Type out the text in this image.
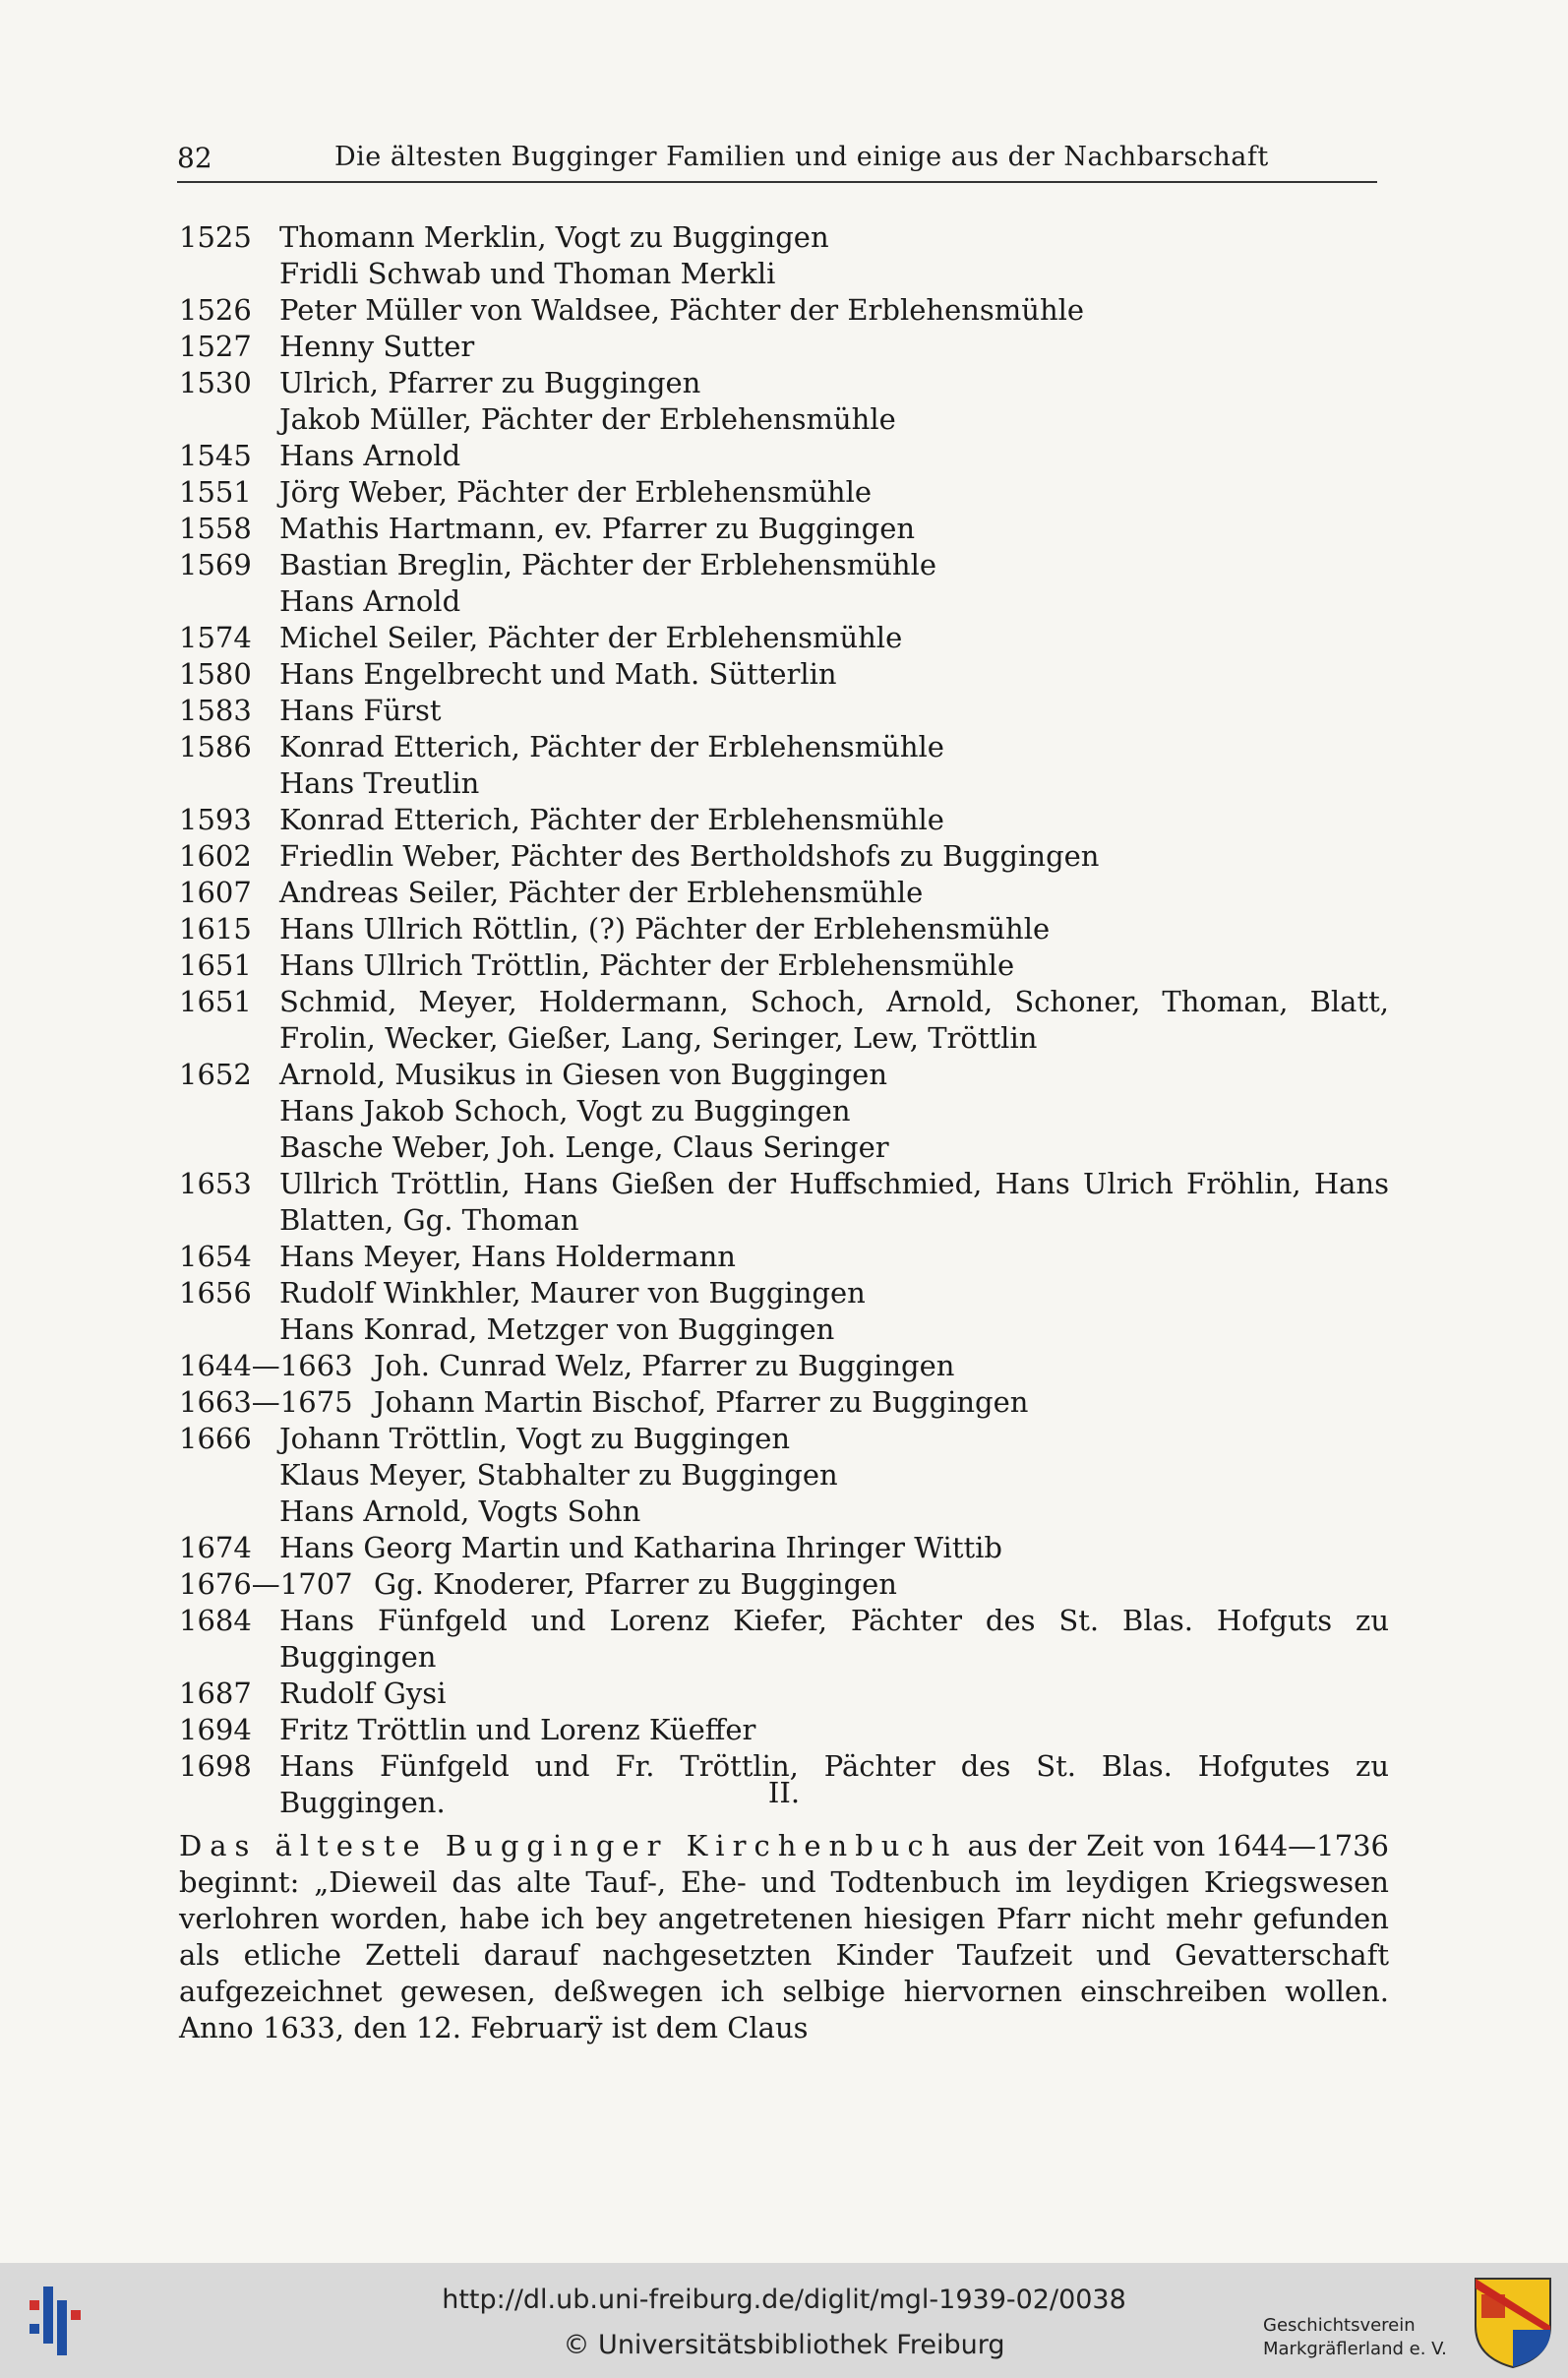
82	Die ältesten Bugginger Familien und einige aus der Nachbarschaft
1525 Thomann Merklin, Vogt zu Buggingen
Fridli Schwab und Thoman Merkli
1526 Peter Müller von Waldsee, Pächter der Erblehensmühle
1527 Henny Sutter
1530 Ulrich, Pfarrer zu Buggingen
Jakob Müller, Pächter der Erblehensmühle
1545 Hans Arnold
1551 Jörg Weber, Pächter der Erblehensmühle
1558 Mathis Hartmann, ev. Pfarrer zu Buggingen
1569 Bastian Breglin, Pächter der Erblehensmühle
Hans Arnold
1574 Michel Seiler, Pächter der Erblehensmühle
1580 Hans Engelbrecht und Math. Sütterlin
1583 Hans Fürst
1586 Konrad Etterich, Pächter der Erblehensmühle
Hans Treutlin
1593 Konrad Etterich, Pächter der Erblehensmühle
1602 Friedlin Weber, Pächter des Bertholdshofs zu Buggingen
1607 Andreas Seiler, Pächter der Erblehensmühle
1615 Hans Ullrich Röttlin, (?) Pächter der Erblehensmühle
1651 Hans Ullrich Tröttlin, Pächter der Erblehensmühle
1651 Schmid, Meyer, Holdermann, Schoch, Arnold, Schoner, Thoman, Blatt, Frolin, Wecker, Gießer, Lang, Seringer, Lew, Tröttlin
1652 Arnold, Musikus in Giesen von Buggingen
Hans Jakob Schoch, Vogt zu Buggingen
Basche Weber, Joh. Lenge, Claus Seringer
1653 Ullrich Tröttlin, Hans Gießen der Huffschmied, Hans Ulrich Fröhlin, Hans Blatten, Gg. Thoman
1654 Hans Meyer, Hans Holdermann
1656 Rudolf Winkhler, Maurer von Buggingen
Hans Konrad, Metzger von Buggingen
1644—1663 Joh. Cunrad Welz, Pfarrer zu Buggingen
1663—1675 Johann Martin Bischof, Pfarrer zu Buggingen
1666 Johann Tröttlin, Vogt zu Buggingen
Klaus Meyer, Stabhalter zu Buggingen
Hans Arnold, Vogts Sohn
1674 Hans Georg Martin und Katharina Ihringer Wittib
1676—1707 Gg. Knoderer, Pfarrer zu Buggingen
1684 Hans Fünfgeld und Lorenz Kiefer, Pächter des St. Blas. Hofguts zu Buggingen
1687 Rudolf Gysi
1694 Fritz Tröttlin und Lorenz Küeffer
1698 Hans Fünfgeld und Fr. Tröttlin, Pächter des St. Blas. Hofgutes zu Buggingen.	II.
Das älteste Bugginger Kirchenbuch aus der Zeit von 1644—1736 beginnt: „Dieweil das alte Tauf-, Ehe- und Todtenbuch im leydigen Kriegswesen verlohren worden, habe ich bey angetretenen hiesigen Pfarr nicht mehr gefunden als etliche Zetteli darauf nachgesetzten Kinder Taufzeit und Gevatterschaft aufgezeichnet gewesen, deßwegen ich selbige hiervornen einschreiben wollen. Anno 1633, den 12. Februarÿ ist dem Claus
http://dl.ub.uni-freiburg.de/diglit/mgl-1939-02/0038
© Universitätsbibliothek Freiburg
Geschichtsverein
Markgräflerland e. V.
